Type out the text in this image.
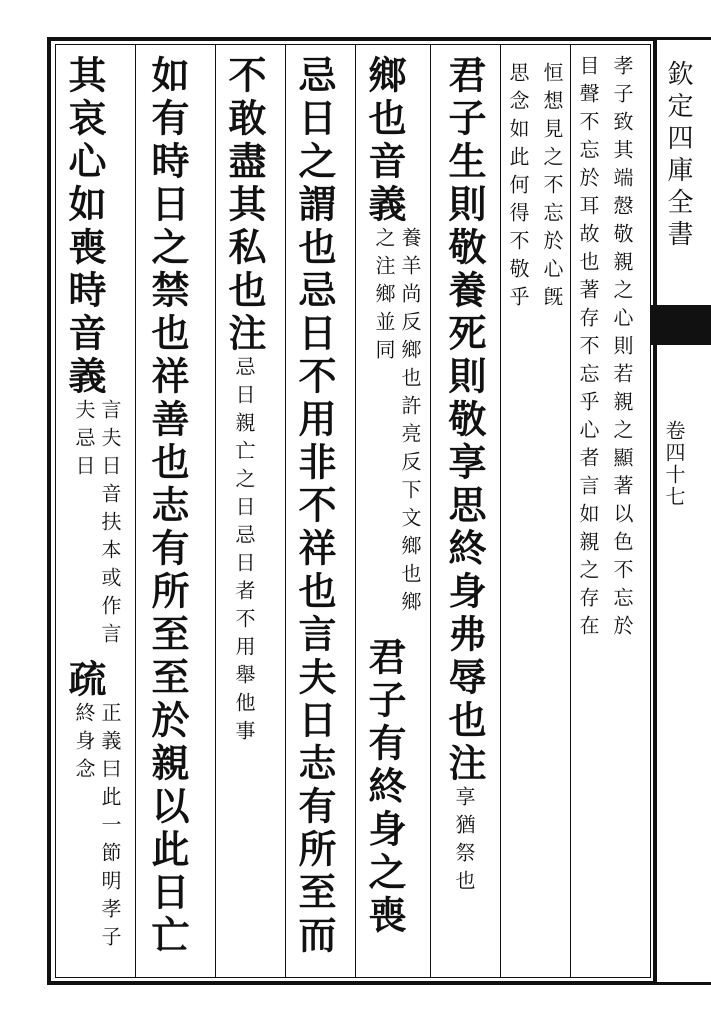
欽定四庫全書
卷四十七
孝子致其端慤敬親之心則若親之顯著以色不忘於
目聲不忘於耳故也著存不忘乎心者言如親之存在
恒想見之不忘於心旣
思念如此何得不敬乎
君子生則敬養死則敬享思終身弗辱也注享猶祭也
鄉也音義養羊尚反鄉也許亮反下文鄉也鄉之注鄉並同君子有終身之喪
忌日之謂也忌日不用非不祥也言夫日志有所至而
不敢盡其私也注忌日親亡之日忌日者不用舉他事
如有時日之禁也祥善也志有所至至於親以此日亡
其哀心如喪時音義言夫日音扶本或作言夫忌日疏正義曰此一節明孝子終身念
